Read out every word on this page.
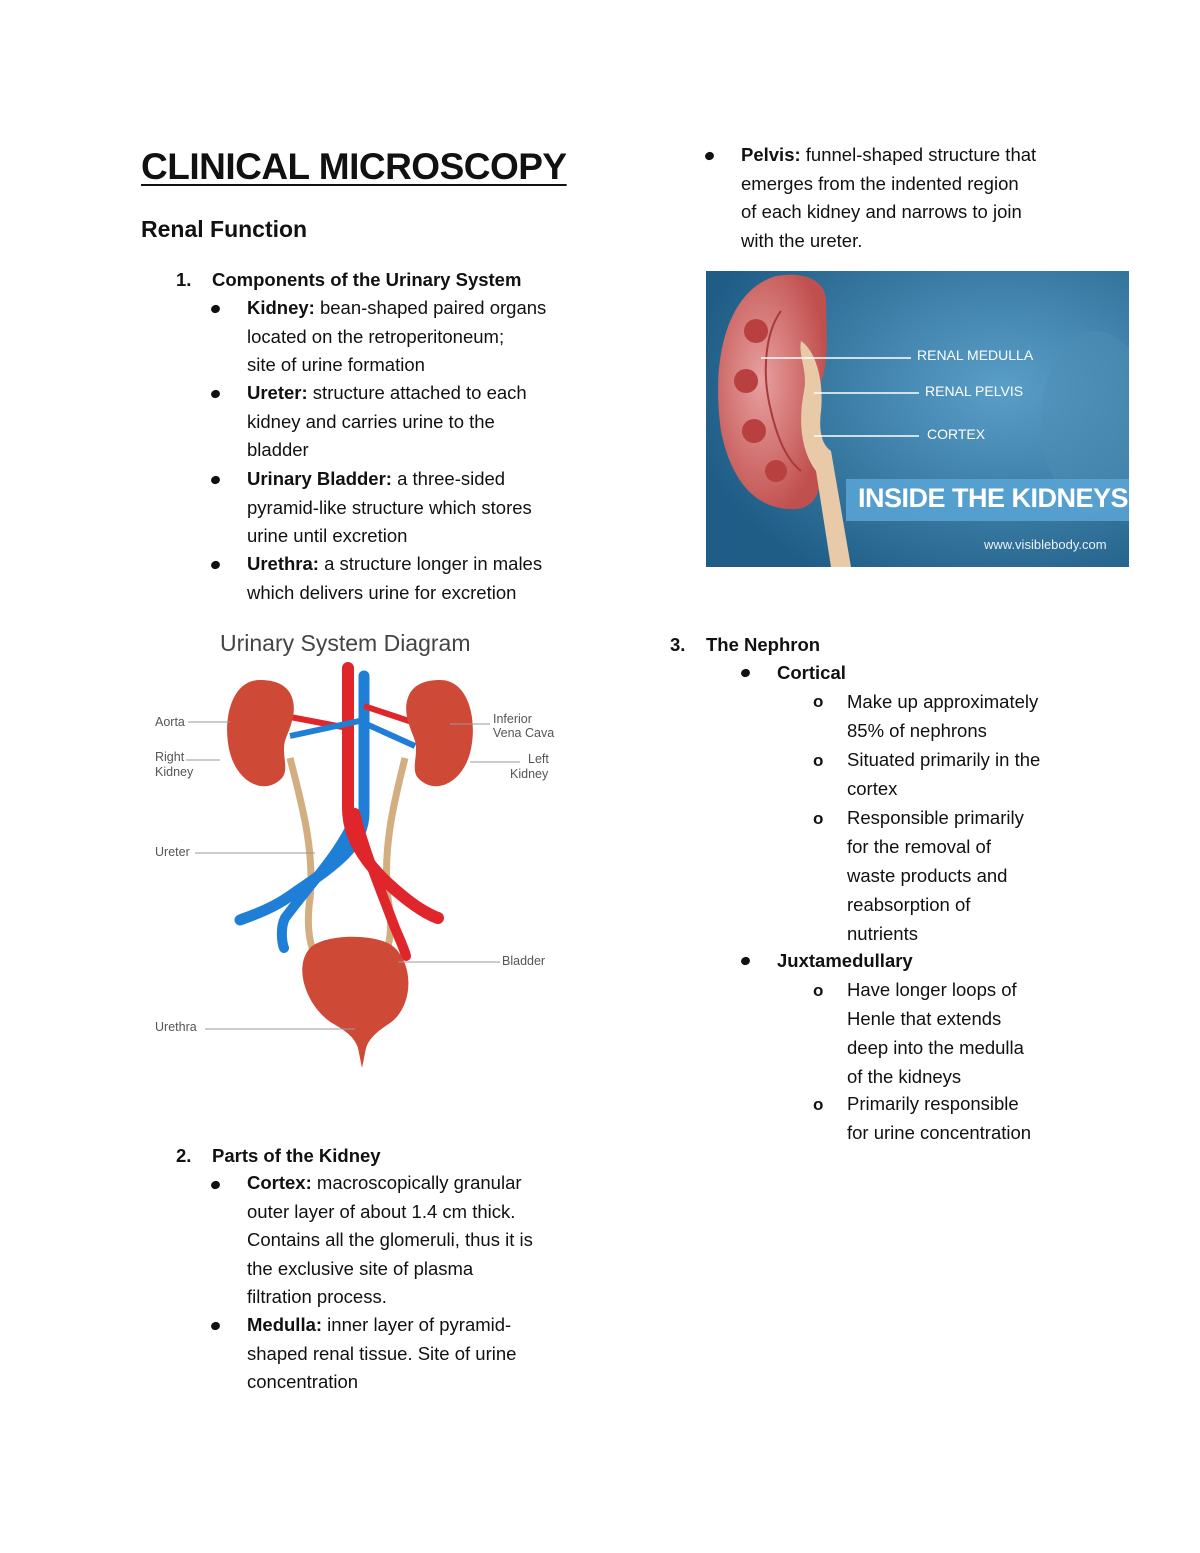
CLINICAL MICROSCOPY
Renal Function
1. Components of the Urinary System
Kidney: bean-shaped paired organs
located on the retroperitoneum;
site of urine formation
Ureter: structure attached to each
kidney and carries urine to the
bladder
Urinary Bladder: a three-sided
pyramid-like structure which stores
urine until excretion
Urethra: a structure longer in males
which delivers urine for excretion
Urinary System Diagram
Aorta
Right
Kidney
Ureter
Urethra
Inferior
Vena Cava
Left
Kidney
Bladder
2. Parts of the Kidney
Cortex: macroscopically granular
outer layer of about 1.4 cm thick.
Contains all the glomeruli, thus it is
the exclusive site of plasma
filtration process.
Medulla: inner layer of pyramid-
shaped renal tissue. Site of urine
concentration
Pelvis: funnel-shaped structure that
emerges from the indented region
of each kidney and narrows to join
with the ureter.
RENAL MEDULLA
RENAL PELVIS
CORTEX
INSIDE THE KIDNEYS
www.visiblebody.com
3. The Nephron
Cortical
o Make up approximately
85% of nephrons
o Situated primarily in the
cortex
o Responsible primarily
for the removal of
waste products and
reabsorption of
nutrients
Juxtamedullary
o Have longer loops of
Henle that extends
deep into the medulla
of the kidneys
o Primarily responsible
for urine concentration
